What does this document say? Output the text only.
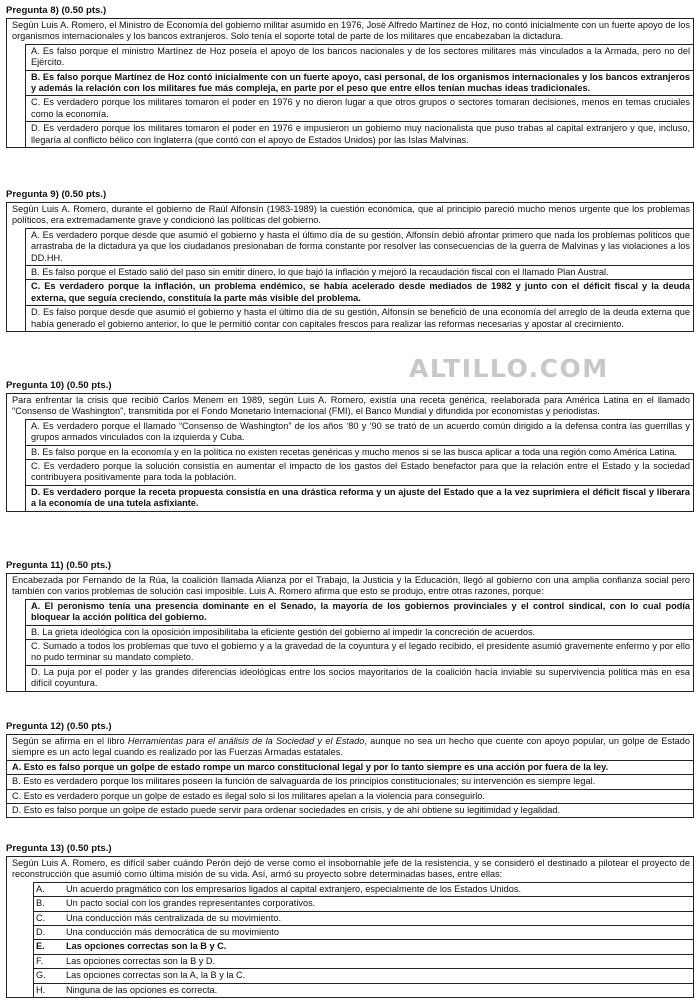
Pregunta 8) (0.50 pts.)
Según Luis A. Romero, el Ministro de Economía del gobierno militar asumido en 1976, José Alfredo Martínez de Hoz, no contó inicialmente con un fuerte apoyo de los organismos internacionales y los bancos extranjeros. Solo tenía el soporte total de parte de los militares que encabezaban la dictadura.
A. Es falso porque el ministro Martínez de Hoz poseía el apoyo de los bancos nacionales y de los sectores militares más vinculados a la Armada, pero no del Ejército.
B. Es falso porque Martínez de Hoz contó inicialmente con un fuerte apoyo, casi personal, de los organismos internacionales y los bancos extranjeros y además la relación con los militares fue más compleja, en parte por el peso que entre ellos tenían muchas ideas tradicionales.
C. Es verdadero porque los militares tomaron el poder en 1976 y no dieron lugar a que otros grupos o sectores tomaran decisiones, menos en temas cruciales como la economía.
D. Es verdadero porque los militares tomaron el poder en 1976 e impusieron un gobierno muy nacionalista que puso trabas al capital extranjero y que, incluso, llegaría al conflicto bélico con Inglaterra (que contó con el apoyo de Estados Unidos) por las Islas Malvinas.
Pregunta 9) (0.50 pts.)
Según Luis A. Romero, durante el gobierno de Raúl Alfonsín (1983-1989) la cuestión económica, que al principio pareció mucho menos urgente que los problemas políticos, era extremadamente grave y condicionó las políticas del gobierno.
A. Es verdadero porque desde que asumió el gobierno y hasta el último día de su gestión, Alfonsín debió afrontar primero que nada los problemas políticos que arrastraba de la dictadura ya que los ciudadanos presionaban de forma constante por resolver las consecuencias de la guerra de Malvinas y las violaciones a los DD.HH.
B. Es falso porque el Estado salió del paso sin emitir dinero, lo que bajó la inflación y mejoró la recaudación fiscal con el llamado Plan Austral.
C. Es verdadero porque la inflación, un problema endémico, se había acelerado desde mediados de 1982 y junto con el déficit fiscal y la deuda externa, que seguía creciendo, constituía la parte más visible del problema.
D. Es falso porque desde que asumió el gobierno y hasta el último día de su gestión, Alfonsín se benefició de una economía del arreglo de la deuda externa que había generado el gobierno anterior, lo que le permitió contar con capitales frescos para realizar las reformas necesarias y apostar al crecimiento.
ALTILLO.COM
Pregunta 10) (0.50 pts.)
Para enfrentar la crisis que recibió Carlos Menem en 1989, según Luis A. Romero, existía una receta genérica, reelaborada para América Latina en el llamado "Consenso de Washington", transmitida por el Fondo Monetario Internacional (FMI), el Banco Mundial y difundida por economistas y periodistas.
A. Es verdadero porque el llamado “Consenso de Washington” de los años ‘80 y ‘90 se trató de un acuerdo común dirigido a la defensa contra las guerrillas y grupos armados vinculados con la izquierda y Cuba.
B. Es falso porque en la economía y en la política no existen recetas genéricas y mucho menos si se las busca aplicar a toda una región como América Latina.
C. Es verdadero porque la solución consistía en aumentar el impacto de los gastos del Estado benefactor para que la relación entre el Estado y la sociedad contribuyera positivamente para toda la población.
D. Es verdadero porque la receta propuesta consistía en una drástica reforma y un ajuste del Estado que a la vez suprimiera el déficit fiscal y liberara a la economía de una tutela asfixiante.
Pregunta 11) (0.50 pts.)
Encabezada por Fernando de la Rúa, la coalición llamada Alianza por el Trabajo, la Justicia y la Educación, llegó al gobierno con una amplia confianza social pero también con varios problemas de solución casi imposible. Luis A. Romero afirma que esto se produjo, entre otras razones, porque:
A. El peronismo tenía una presencia dominante en el Senado, la mayoría de los gobiernos provinciales y el control sindical, con lo cual podía bloquear la acción política del gobierno.
B. La grieta ideológica con la oposición imposibilitaba la eficiente gestión del gobierno al impedir la concreción de acuerdos.
C. Sumado a todos los problemas que tuvo el gobierno y a la gravedad de la coyuntura y el legado recibido, el presidente asumió gravemente enfermo y por ello no pudo terminar su mandato completo.
D. La puja por el poder y las grandes diferencias ideológicas entre los socios mayoritarios de la coalición hacía inviable su supervivencia política más en esa difícil coyuntura.
Pregunta 12) (0.50 pts.)
Según se afirma en el libro Herramientas para el análisis de la Sociedad y el Estado, aunque no sea un hecho que cuente con apoyo popular, un golpe de Estado siempre es un acto legal cuando es realizado por las Fuerzas Armadas estatales.
A. Esto es falso porque un golpe de estado rompe un marco constitucional legal y por lo tanto siempre es una acción por fuera de la ley.
B. Esto es verdadero porque los militares poseen la función de salvaguarda de los principios constitucionales; su intervención es siempre legal.
C. Esto es verdadero porque un golpe de estado es ilegal solo si los militares apelan a la violencia para conseguirlo.
D. Esto es falso porque un golpe de estado puede servir para ordenar sociedades en crisis, y de ahí obtiene su legitimidad y legalidad.
Pregunta 13) (0.50 pts.)
Según Luis A. Romero, es difícil saber cuándo Perón dejó de verse como el insobornable jefe de la resistencia, y se consideró el destinado a pilotear el proyecto de reconstrucción que asumió como última misión de su vida. Así, armó su proyecto sobre determinadas bases, entre ellas:
A.	Un acuerdo pragmático con los empresarios ligados al capital extranjero, especialmente de los Estados Unidos.
B.	Un pacto social con los grandes representantes corporativos.
C.	Una conducción más centralizada de su movimiento.
D.	Una conducción más democrática de su movimiento
E.	Las opciones correctas son la B y C.
F.	Las opciones correctas son la B y D.
G.	Las opciones correctas son la A, la B y la C.
H.	Ninguna de las opciones es correcta.
